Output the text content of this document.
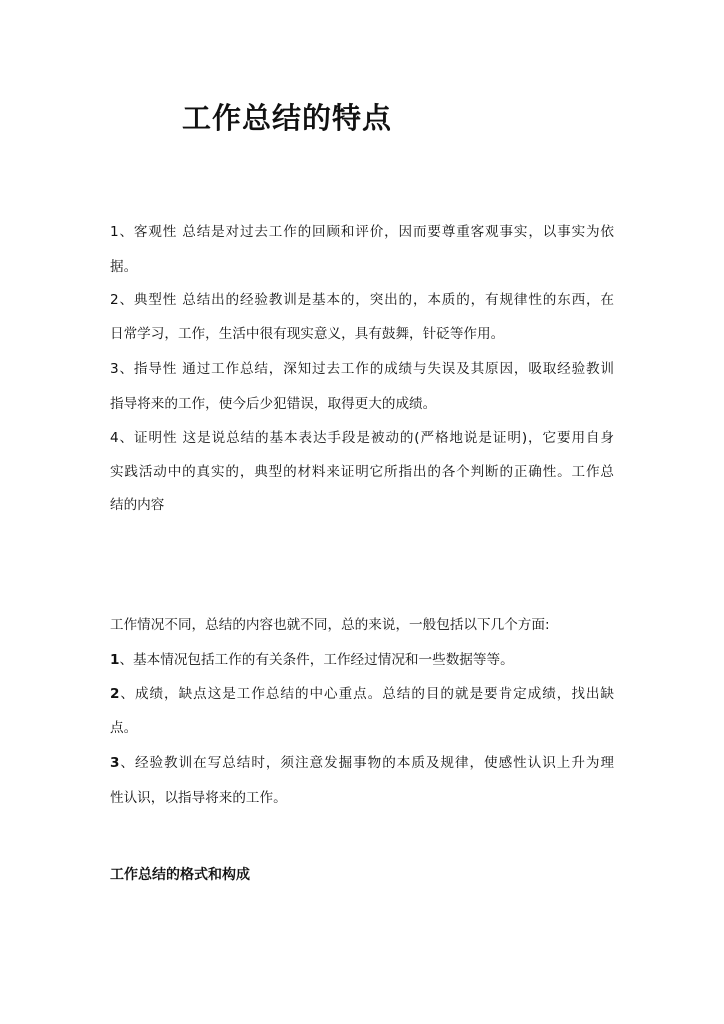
工作总结的特点
1、客观性 总结是对过去工作的回顾和评价，因而要尊重客观事实，以事实为依
据。
2、典型性 总结出的经验教训是基本的，突出的，本质的，有规律性的东西，在
日常学习，工作，生活中很有现实意义，具有鼓舞，针砭等作用。
3、指导性 通过工作总结，深知过去工作的成绩与失误及其原因，吸取经验教训
指导将来的工作，使今后少犯错误，取得更大的成绩。
4、证明性 这是说总结的基本表达手段是被动的(严格地说是证明)，它要用自身
实践活动中的真实的，典型的材料来证明它所指出的各个判断的正确性。工作总
结的内容
工作情况不同，总结的内容也就不同，总的来说，一般包括以下几个方面:
1、基本情况包括工作的有关条件，工作经过情况和一些数据等等。
2、成绩，缺点这是工作总结的中心重点。总结的目的就是要肯定成绩，找出缺
点。
3、经验教训在写总结时，须注意发掘事物的本质及规律，使感性认识上升为理
性认识，以指导将来的工作。
工作总结的格式和构成
